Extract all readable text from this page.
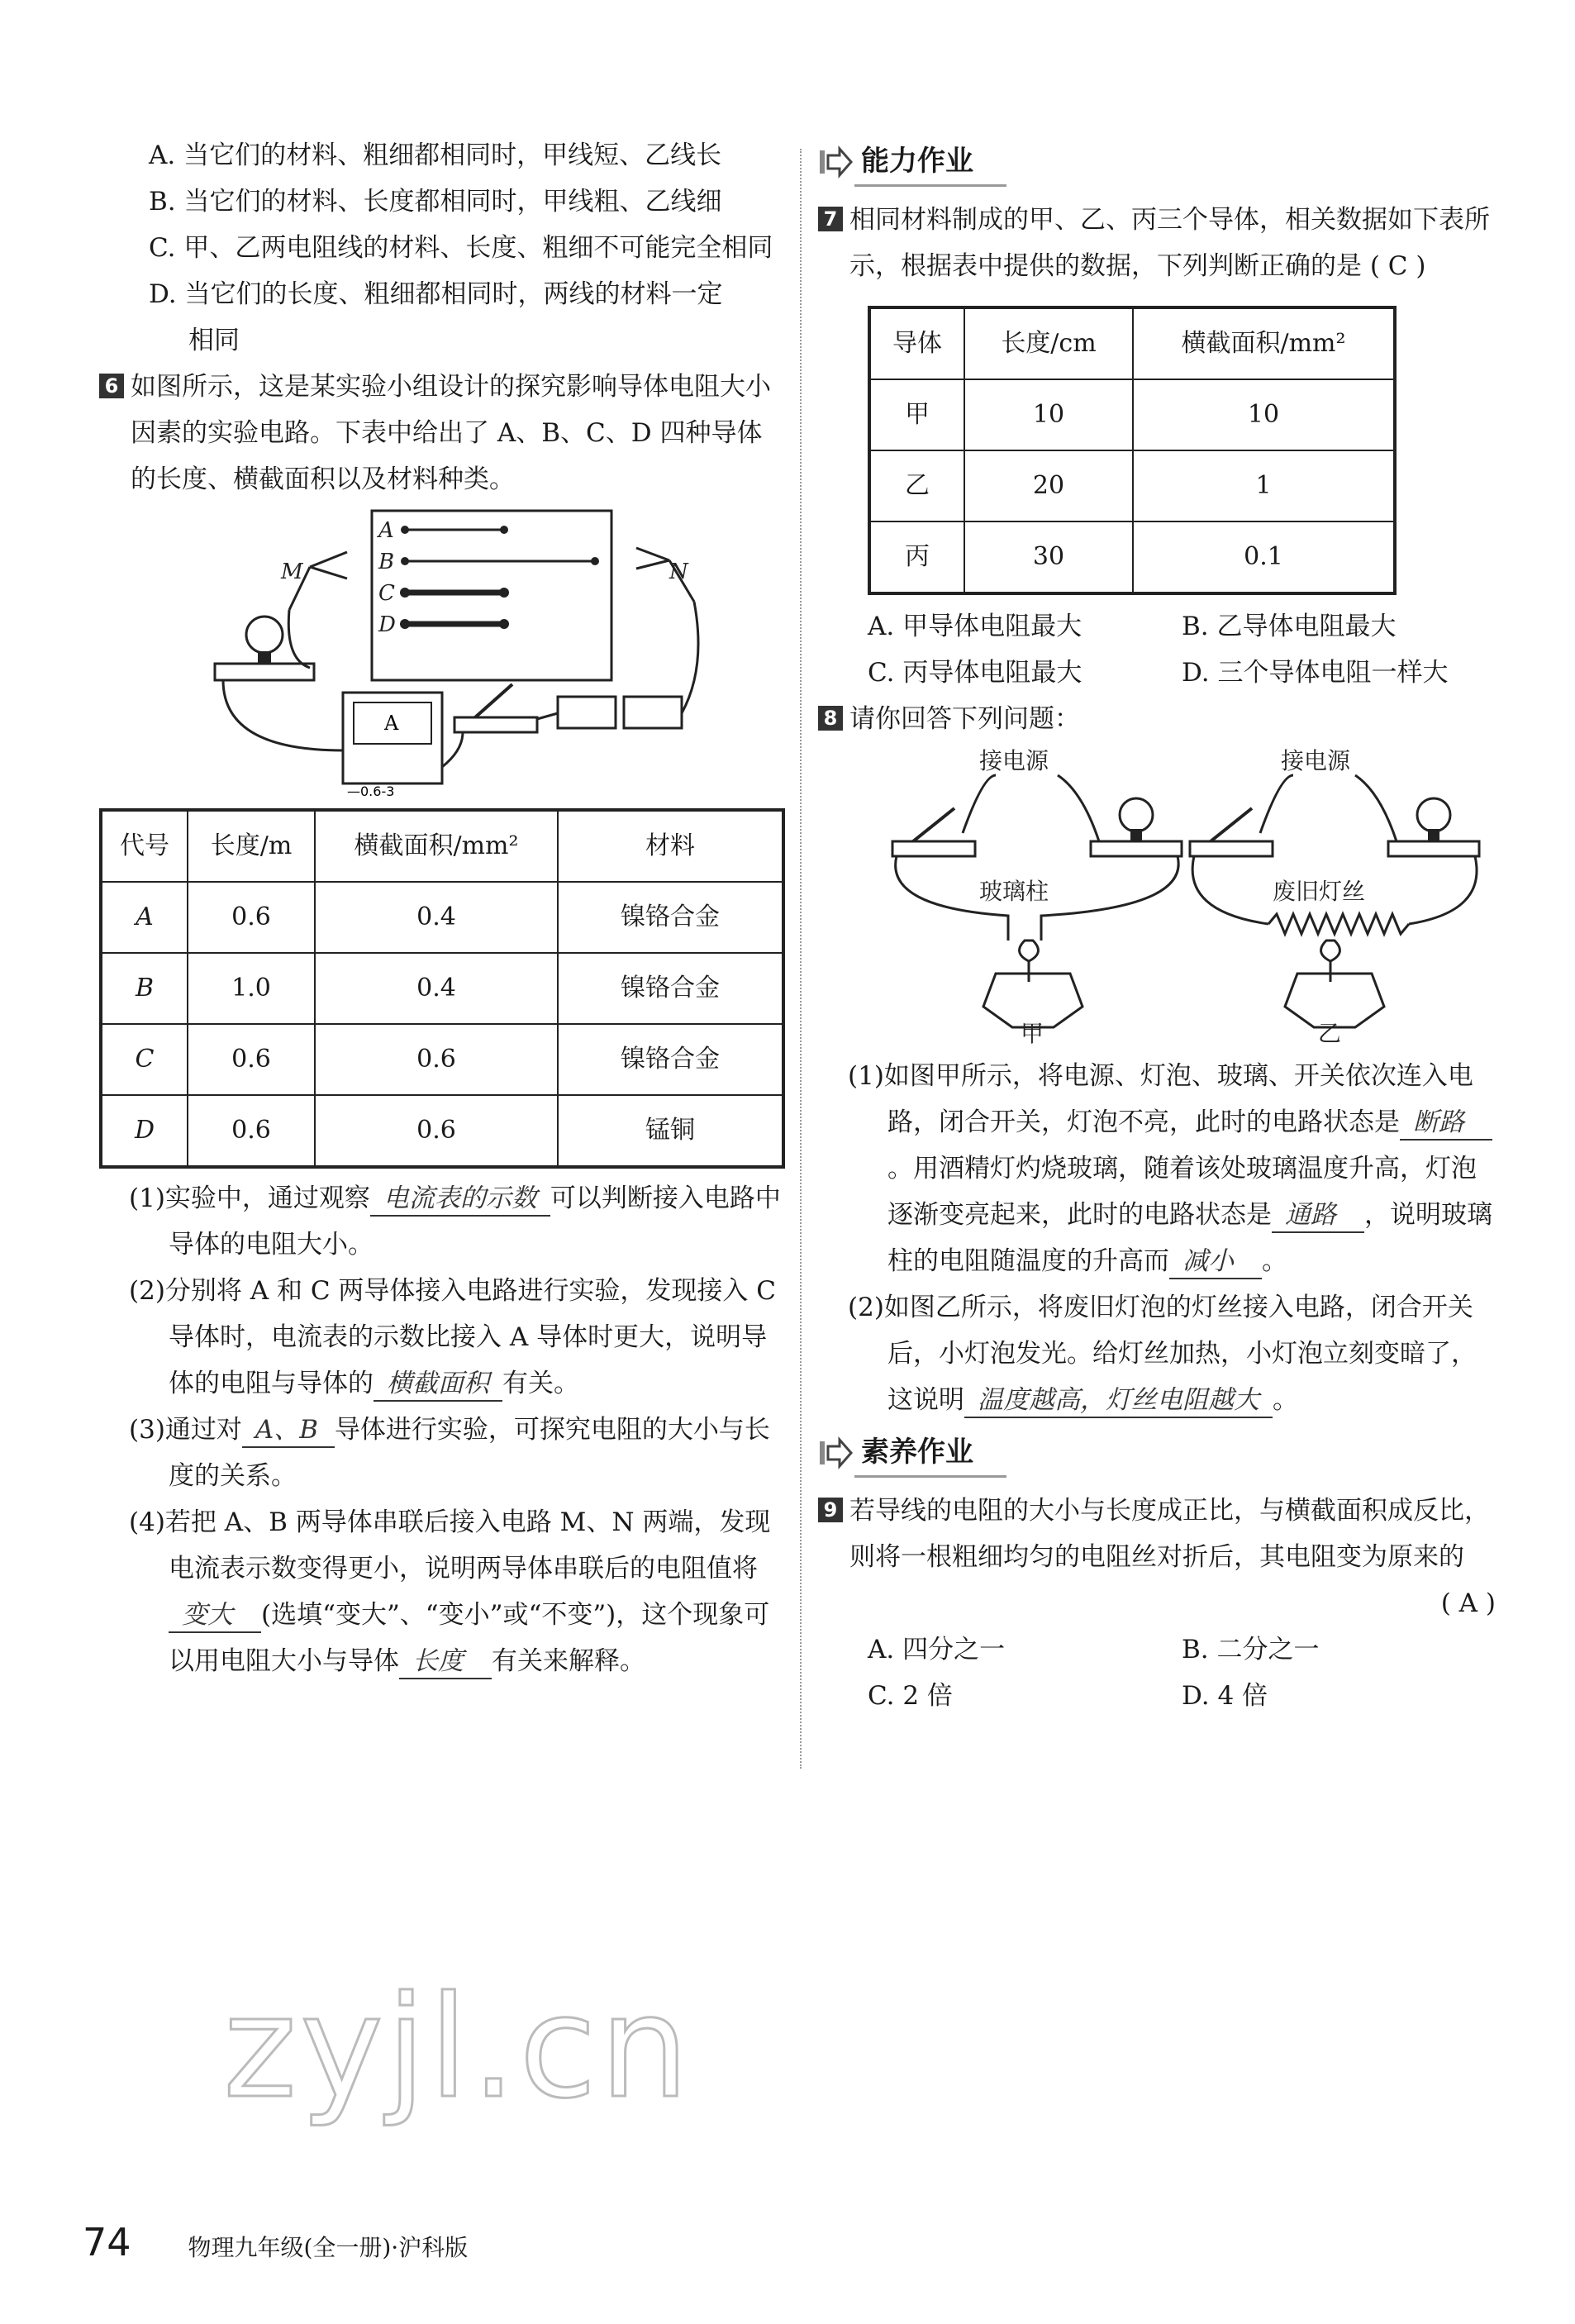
A. 当它们的材料、粗细都相同时，甲线短、乙线长

B. 当它们的材料、长度都相同时，甲线粗、乙线细

C. 甲、乙两电阻线的材料、长度、粗细不可能完全相同

D. 当它们的长度、粗细都相同时，两线的材料一定

相同

6 如图所示，这是某实验小组设计的探究影响导体电阻大小因素的实验电路。下表中给出了 A、B、C、D 四种导体的长度、横截面积以及材料种类。
A
B
C
D
M	N
A
—0.6-3
代号	长度/m	横截面积/mm²	材料
A	0.6	0.4	镍铬合金
B	1.0	0.4	镍铬合金
C	0.6	0.6	镍铬合金
D	0.6	0.6	锰铜

(1)实验中，通过观察 电流表的示数 可以判断接入电路中导体的电阻大小。

(2)分别将 A 和 C 两导体接入电路进行实验，发现接入 C 导体时，电流表的示数比接入 A 导体时更大，说明导体的电阻与导体的 横截面积 有关。

(3)通过对 A、B 导体进行实验，可探究电阻的大小与长度的关系。

(4)若把 A、B 两导体串联后接入电路 M、N 两端，发现电流表示数变得更小，说明两导体串联后的电阻值将变大 (选填“变大”、“变小”或“不变”)，这个现象可以用电阻大小与导体 长度 有关来解释。

能力作业
7 相同材料制成的甲、乙、丙三个导体，相关数据如下表所示，根据表中提供的数据，下列判断正确的是 ( C )
导体	长度/cm	横截面积/mm²
甲	10	10
乙	20	1
丙	30	0.1
A. 甲导体电阻最大	B. 乙导体电阻最大
C. 丙导体电阻最大	D. 三个导体电阻一样大
8 请你回答下列问题：
接电源	接电源
玻璃柱	废旧灯丝
甲	乙

(1)如图甲所示，将电源、灯泡、玻璃、开关依次连入电路，闭合开关，灯泡不亮，此时的电路状态是 断路。用酒精灯灼烧玻璃，随着该处玻璃温度升高，灯泡逐渐变亮起来，此时的电路状态是 通路 ，说明玻璃柱的电阻随温度的升高而 减小 。

(2)如图乙所示，将废旧灯泡的灯丝接入电路，闭合开关后，小灯泡发光。给灯丝加热，小灯泡立刻变暗了，这说明 温度越高，灯丝电阻越大 。

素养作业
9 若导线的电阻的大小与长度成正比，与横截面积成反比，则将一根粗细均匀的电阻丝对折后，其电阻变为原来的
( A )
A. 四分之一	B. 二分之一
C. 2 倍	D. 4 倍
zyjl.cn
74 物理九年级(全一册)·沪科版
